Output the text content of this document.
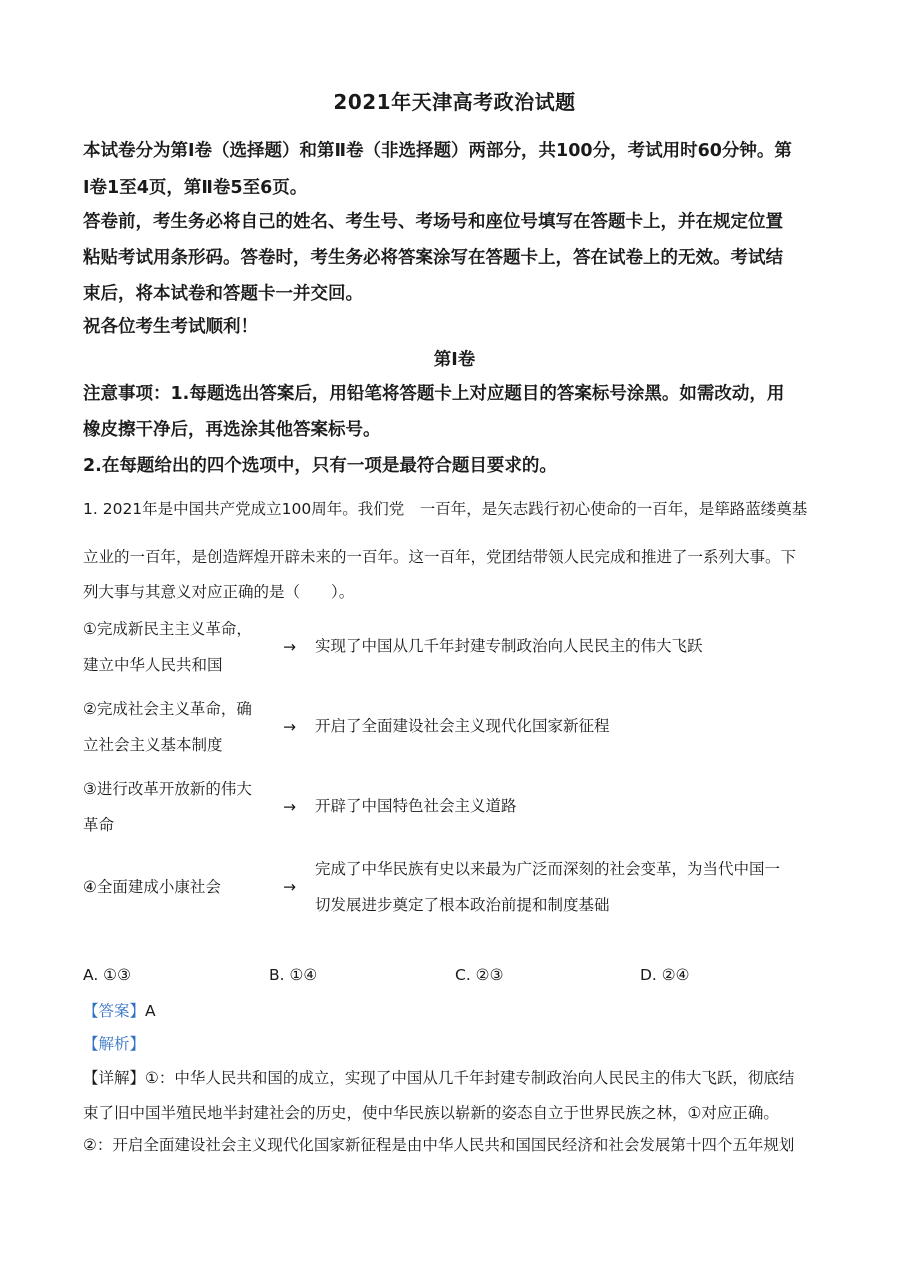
2021年天津高考政治试题
本试卷分为第Ⅰ卷（选择题）和第Ⅱ卷（非选择题）两部分，共100分，考试用时60分钟。第
Ⅰ卷1至4页，第Ⅱ卷5至6页。
答卷前，考生务必将自己的姓名、考生号、考场号和座位号填写在答题卡上，并在规定位置
粘贴考试用条形码。答卷时，考生务必将答案涂写在答题卡上，答在试卷上的无效。考试结
束后，将本试卷和答题卡一并交回。
祝各位考生考试顺利！
第Ⅰ卷
注意事项：1.每题选出答案后，用铅笔将答题卡上对应题目的答案标号涂黑。如需改动，用
橡皮擦干净后，再选涂其他答案标号。
2.在每题给出的四个选项中，只有一项是最符合题目要求的。
1. 2021年是中国共产党成立100周年。我们党　一百年，是矢志践行初心使命的一百年，是筚路蓝缕奠基
立业的一百年，是创造辉煌开辟未来的一百年。这一百年，党团结带领人民完成和推进了一系列大事。下
列大事与其意义对应正确的是（　　）。
①完成新民主主义革命，
建立中华人民共和国
→ 实现了中国从几千年封建专制政治向人民民主的伟大飞跃
②完成社会主义革命，确
立社会主义基本制度
→ 开启了全面建设社会主义现代化国家新征程
③进行改革开放新的伟大
革命
→ 开辟了中国特色社会主义道路
④全面建成小康社会	→
完成了中华民族有史以来最为广泛而深刻的社会变革，为当代中国一
切发展进步奠定了根本政治前提和制度基础
A. ①③	B. ①④	C. ②③	D. ②④
【答案】A
【解析】
【详解】①：中华人民共和国的成立，实现了中国从几千年封建专制政治向人民民主的伟大飞跃，彻底结
束了旧中国半殖民地半封建社会的历史，使中华民族以崭新的姿态自立于世界民族之林，①对应正确。
②：开启全面建设社会主义现代化国家新征程是由中华人民共和国国民经济和社会发展第十四个五年规划
